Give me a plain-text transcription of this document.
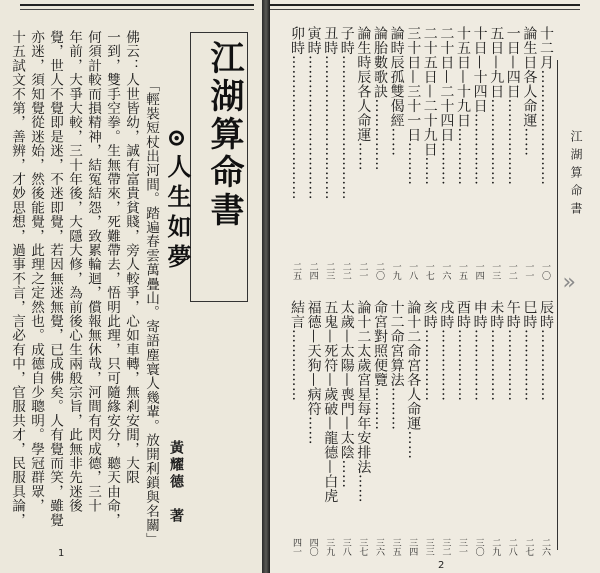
江湖算命書
⊙人生如夢
黃耀德　著
「輕裝短杖出河間。踏遍春雲萬疊山。寄語塵寰人幾輩。放開利鎖與名關」
佛云：人世皆幼，誠有富貴貧賤，旁人較爭，心如車轉，無剎安閒，大限
一到，雙手空拳。生無帶來，死難帶去，悟明此理，只可隨緣安分，聽天由命，
何須計較而損精神，結冤結怨，致累輪迴，償報無休哉，河間有閃成德，三十
年前，大爭大較，三十年後，大隱大修，為前後心生兩般宗旨，此無非先迷後
覺，世人不覺即是迷，不迷即覺，若因無迷無覺，已成佛矣。人有覺而笑，雖覺
亦迷，須知覺從迷始，然後能覺，此理之定然也。成德自少聰明。學冠群眾，
十五試文不第，善辨，才妙思想，過事不言，言必有中，官服共才，民服具論，
1
江湖算命書
十二月……………………
一〇
論生日各人命運……
一一
一日—四日………………
一二
五日—九日………………
一三
十日—十四日……………
一四
十五日—十九日…………
一五
二十日—二十四日………
一六
二十五日—二十九日……
一七
三十日—三十一日………
一八
論時辰孤雙偈經……
一九
論胎數歌訣……………
二〇
論生時辰各人命運……
二一
子時…………………………
二二
丑時…………………………
二三
寅時…………………………
二四
卯時…………………………
二五
辰時……………
二六
巳時……………
二七
午時……………
二八
未時……………
二九
申時……………
三〇
酉時……………
三一
戌時……………
三二
亥時……………
三三
論十二命宮各人命運……
三四
十二命宮算法………
三五
命宮對照便覽………
三六
論十二太歲宮星每年安排法……
三七
太歲—太陽—喪門—太陰……
三八
五鬼—死符—歲破—龍德—白虎
三九
福德—天狗—病符……
四〇
結言……………
四一
»
2
